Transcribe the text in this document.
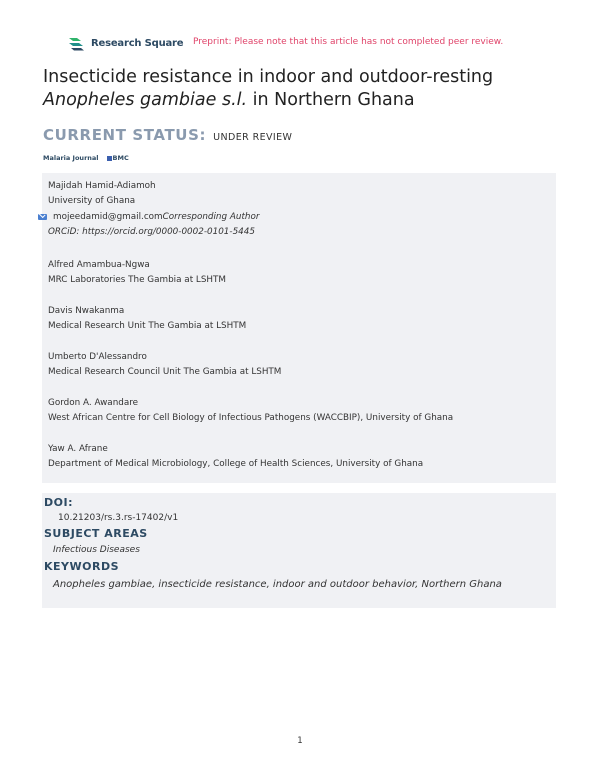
Research Square Preprint: Please note that this article has not completed peer review.
Insecticide resistance in indoor and outdoor-resting
Anopheles gambiae s.l. in Northern Ghana
CURRENT STATUS: UNDER REVIEW
Malaria Journal BMC
Majidah Hamid-Adiamoh
University of Ghana
mojeedamid@gmail.com Corresponding Author
ORCiD: https://orcid.org/0000-0002-0101-5445
Alfred Amambua-Ngwa
MRC Laboratories The Gambia at LSHTM
Davis Nwakanma
Medical Research Unit The Gambia at LSHTM
Umberto D'Alessandro
Medical Research Council Unit The Gambia at LSHTM
Gordon A. Awandare
West African Centre for Cell Biology of Infectious Pathogens (WACCBIP), University of Ghana
Yaw A. Afrane
Department of Medical Microbiology, College of Health Sciences, University of Ghana
DOI:
10.21203/rs.3.rs-17402/v1
SUBJECT AREAS
Infectious Diseases
KEYWORDS
Anopheles gambiae, insecticide resistance, indoor and outdoor behavior, Northern Ghana
1
